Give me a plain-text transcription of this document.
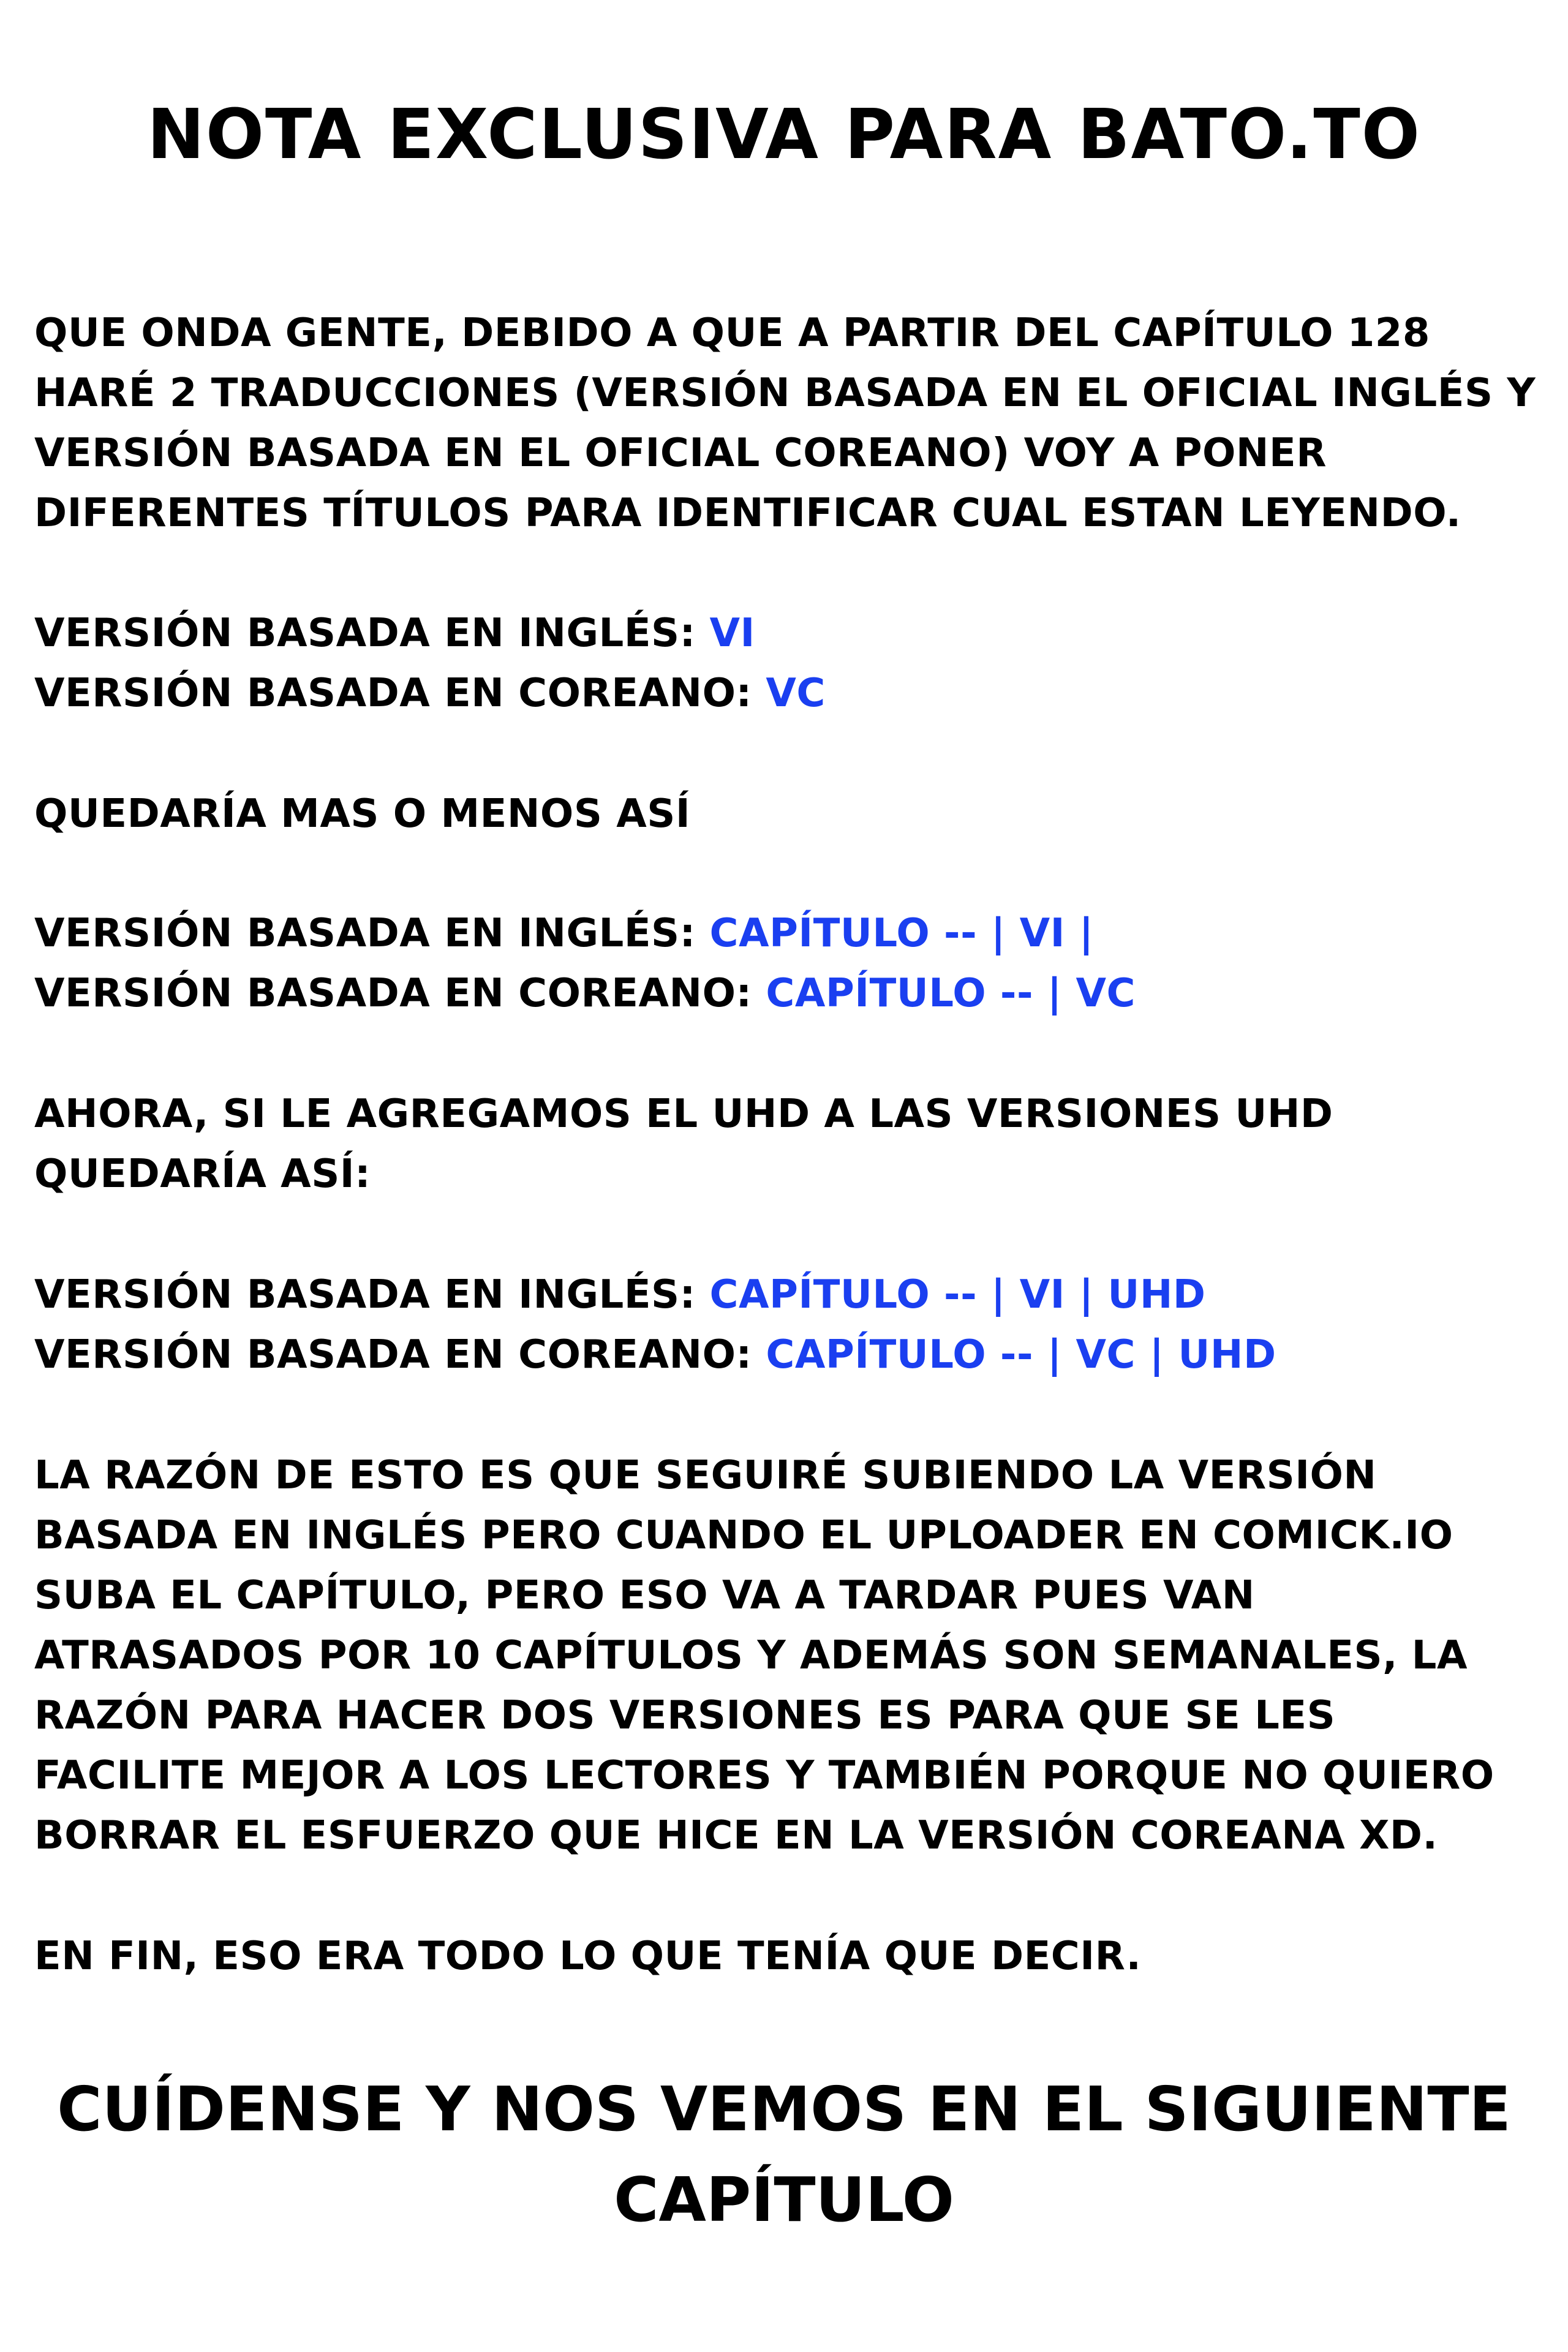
NOTA EXCLUSIVA PARA BATO.TO

QUE ONDA GENTE, DEBIDO A QUE A PARTIR DEL CAPÍTULO 128

HARÉ 2 TRADUCCIONES (VERSIÓN BASADA EN EL OFICIAL INGLÉS Y

VERSIÓN BASADA EN EL OFICIAL COREANO) VOY A PONER

DIFERENTES TÍTULOS PARA IDENTIFICAR CUAL ESTAN LEYENDO.

VERSIÓN BASADA EN INGLÉS: VI

VERSIÓN BASADA EN COREANO: VC

QUEDARÍA MAS O MENOS ASÍ

VERSIÓN BASADA EN INGLÉS: CAPÍTULO -- | VI |

VERSIÓN BASADA EN COREANO: CAPÍTULO -- | VC

AHORA, SI LE AGREGAMOS EL UHD A LAS VERSIONES UHD

QUEDARÍA ASÍ:

VERSIÓN BASADA EN INGLÉS: CAPÍTULO -- | VI | UHD

VERSIÓN BASADA EN COREANO: CAPÍTULO -- | VC | UHD

LA RAZÓN DE ESTO ES QUE SEGUIRÉ SUBIENDO LA VERSIÓN

BASADA EN INGLÉS PERO CUANDO EL UPLOADER EN COMICK.IO

SUBA EL CAPÍTULO, PERO ESO VA A TARDAR PUES VAN

ATRASADOS POR 10 CAPÍTULOS Y ADEMÁS SON SEMANALES, LA

RAZÓN PARA HACER DOS VERSIONES ES PARA QUE SE LES

FACILITE MEJOR A LOS LECTORES Y TAMBIÉN PORQUE NO QUIERO

BORRAR EL ESFUERZO QUE HICE EN LA VERSIÓN COREANA XD.

EN FIN, ESO ERA TODO LO QUE TENÍA QUE DECIR.

CUÍDENSE Y NOS VEMOS EN EL SIGUIENTE
CAPÍTULO
